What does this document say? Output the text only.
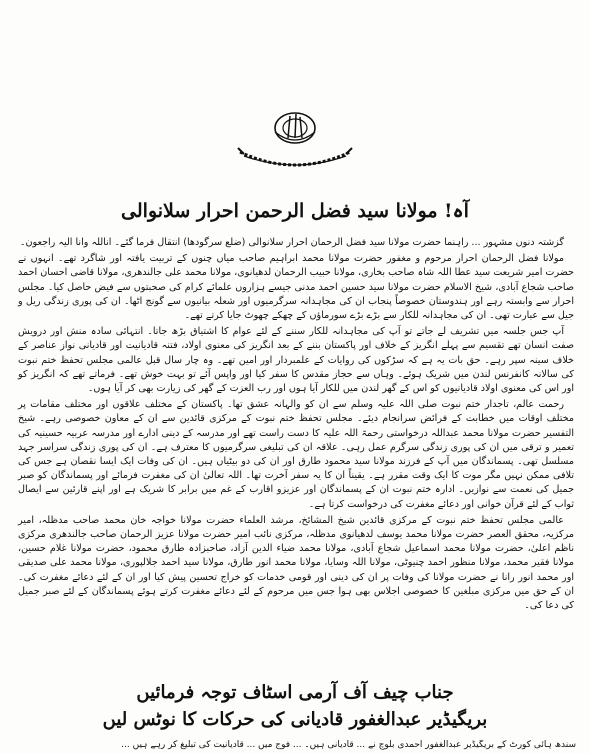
آہ! مولانا سید فضل الرحمن احرار سلانوالی

گزشتہ دنوں مشہور ... راہنما حضرت مولانا سید فضل الرحمان احرار سلانوالی (ضلع سرگودھا) انتقال فرما گئے۔ اناللہ وانا الیہ راجعون۔

مولانا فضل الرحمان احرار مرحوم و مغفور حضرت مولانا محمد ابراہیم صاحب میاں چنوں کے تربیت یافتہ اور شاگرد تھے۔ انہوں نے حضرت امیر شریعت سید عطا اللہ شاہ صاحب بخاری، مولانا حبیب الرحمان لدھیانوی، مولانا محمد علی جالندھری، مولانا قاضی احسان احمد صاحب شجاع آبادی، شیخ الاسلام حضرت مولانا سید حسین احمد مدنی جیسے ہزاروں علمائے کرام کی صحبتوں سے فیض حاصل کیا۔ مجلس احرار سے وابستہ رہے اور ہندوستان خصوصاً پنجاب ان کی مجاہدانہ سرگرمیوں اور شعلہ بیانیوں سے گونج اٹھا۔ ان کی پوری زندگی ریل و جیل سے عبارت تھی۔ ان کی مجاہدانہ للکار سے بڑے بڑے سورماؤں کے چھکے چھوٹ جایا کرتے تھے۔

آپ جس جلسہ میں تشریف لے جاتے تو آپ کی مجاہدانہ للکار سننے کے لئے عوام کا اشتیاق بڑھ جاتا۔ انتہائی سادہ منش اور درویش صفت انسان تھے تقسیم سے پہلے انگریز کے خلاف اور پاکستان بننے کے بعد انگریز کی معنوی اولاد، فتنہ قادیانیت اور قادیانی نواز عناصر کے خلاف سینہ سپر رہے۔ حق بات یہ ہے کہ سڑکوں کی روایات کے علمبردار اور امین تھے۔ وہ چار سال قبل عالمی مجلس تحفظ ختم نبوت کی سالانہ کانفرنس لندن میں شریک ہوئے۔ وہاں سے حجاز مقدس کا سفر کیا اور واپس آئے تو بہت خوش تھے۔ فرماتے تھے کہ انگریز کو اور اس کی معنوی اولاد قادیانیوں کو اس کے گھر لندن میں للکار آیا ہوں اور رب العزت کے گھر کی زیارت بھی کر آیا ہوں۔

رحمت عالم، تاجدار ختم نبوت صلی اللہ علیہ وسلم سے ان کو والہانہ عشق تھا۔ پاکستان کے مختلف علاقوں اور مختلف مقامات پر مختلف اوقات میں خطابت کے فرائض سرانجام دیئے۔ مجلس تحفظ ختم نبوت کے مرکزی قائدین سے ان کے معاون خصوصی رہے۔ شیخ التفسیر حضرت مولانا محمد عبداللہ درخواستی رحمۃ اللہ علیہ کا دست راست تھے اور مدرسہ کے دینی ادارے اور مدرسہ عربیہ حسینیہ کی تعمیر و ترقی میں ان کی پوری زندگی سرگرم عمل رہی۔ علاقہ ان کی تبلیغی سرگرمیوں کا معترف ہے۔ ان کی پوری زندگی سراسر جہد مسلسل تھی۔ پسماندگان میں آپ کے فرزند مولانا سید محمود طارق اور ان کی دو بیٹیاں ہیں۔ ان کی وفات ایک ایسا نقصان ہے جس کی تلافی ممکن نہیں مگر موت کا ایک وقت مقرر ہے۔ یقیناً ان کا یہ سفر آخرت تھا۔ اللہ تعالیٰ ان کی مغفرت فرمائے اور پسماندگان کو صبر جمیل کی نعمت سے نوازیں۔ ادارہ ختم نبوت ان کے پسماندگان اور عزیزو اقارب کے غم میں برابر کا شریک ہے اور اپنے قارئین سے ایصال ثواب کے لئے قرآن خوانی اور دعائے مغفرت کی درخواست کرتا ہے۔

عالمی مجلس تحفظ ختم نبوت کے مرکزی قائدین شیخ المشائخ، مرشد العلماء حضرت مولانا خواجہ خان محمد صاحب مدظلہ، امیر مرکزیہ، محقق العصر حضرت مولانا محمد یوسف لدھیانوی مدظلہ، مرکزی نائب امیر حضرت مولانا عزیز الرحمان صاحب جالندھری مرکزی ناظم اعلیٰ، حضرت مولانا محمد اسماعیل شجاع آبادی، مولانا محمد ضیاء الدین آزاد، صاحبزادہ طارق محمود، حضرت مولانا غلام حسین، مولانا فقیر محمد، مولانا منظور احمد چنیوٹی، مولانا اللہ وسایا، مولانا محمد انور طارق، مولانا سید احمد جلالپوری، مولانا محمد علی صدیقی اور محمد انور رانا نے حضرت مولانا کی وفات پر ان کی دینی اور قومی خدمات کو خراج تحسین پیش کیا اور ان کے لئے دعائے مغفرت کی۔ ان کے حق میں مرکزی مبلغین کا خصوصی اجلاس بھی ہوا جس میں مرحوم کے لئے دعائے مغفرت کرتے ہوئے پسماندگان کے لئے صبر جمیل کی دعا کی۔

جناب چیف آف آرمی اسٹاف توجہ فرمائیں
بریگیڈیر عبدالغفور قادیانی کی حرکات کا نوٹس لیں
سندھ ہائی کورٹ کے بریگیڈیر عبدالغفور احمدی بلوچ نے ... قادیانی ہیں۔ ... فوج میں ... قادیانیت کی تبلیغ کر رہے ہیں ...
